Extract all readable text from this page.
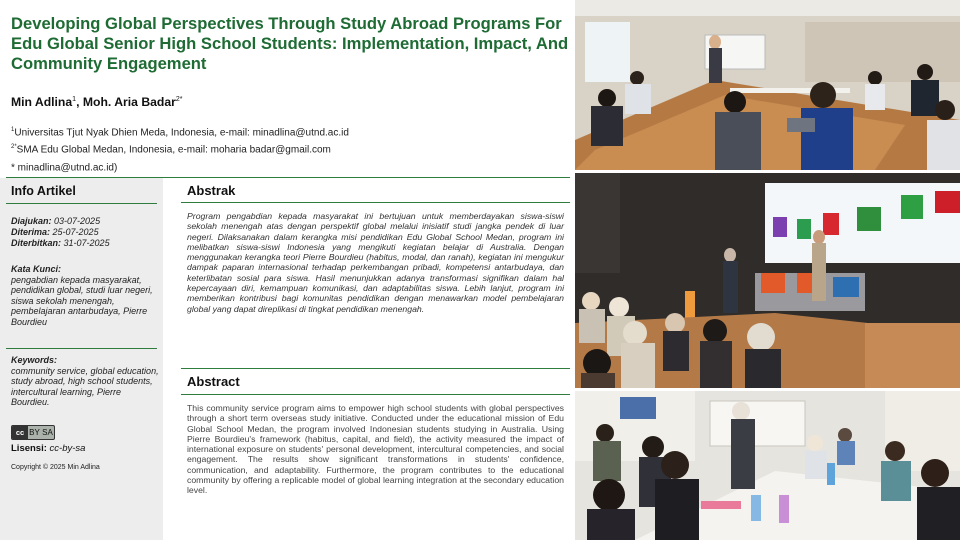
Developing Global Perspectives Through Study Abroad Programs For Edu Global Senior High School Students: Implementation, Impact, And Community Engagement
Min Adlina$^1$, Moh. Aria Badar$^{2*}$
$^1$Universitas Tjut Nyak Dhien Meda, Indonesia, e-mail: minadlina@utnd.ac.id
$^{2*}$SMA Edu Global Medan, Indonesia, e-mail: moharia badar@gmail.com
* minadlina@utnd.ac.id)
Info Artikel
Diajukan: 03-07-2025
Diterima: 25-07-2025
Diterbitkan: 31-07-2025
Kata Kunci:
pengabdian kepada masyarakat, pendidikan global, studi luar negeri, siswa sekolah menengah, pembelajaran antarbudaya, Pierre Bourdieu
Keywords:
community service, global education, study abroad, high school students, intercultural learning, Pierre Bourdieu.
cc BY SA
Lisensi: cc-by-sa
Copyright © 2025 Min Adlina
Abstrak

Program pengabdian kepada masyarakat ini bertujuan untuk memberdayakan siswa-siswi sekolah menengah atas dengan perspektif global melalui inisiatif studi jangka pendek di luar negeri. Dilaksanakan dalam kerangka misi pendidikan Edu Global School Medan, program ini melibatkan siswa-siswi Indonesia yang mengikuti kegiatan belajar di Australia. Dengan menggunakan kerangka teori Pierre Bourdieu (habitus, modal, dan ranah), kegiatan ini mengukur dampak paparan internasional terhadap perkembangan pribadi, kompetensi antarbudaya, dan keterlibatan sosial para siswa. Hasil menunjukkan adanya transformasi signifikan dalam hal kepercayaan diri, kemampuan komunikasi, dan adaptabilitas siswa. Lebih lanjut, program ini memberikan kontribusi bagi komunitas pendidikan dengan menawarkan model pembelajaran global yang dapat direplikasi di tingkat pendidikan menengah.

Abstract

This community service program aims to empower high school students with global perspectives through a short term overseas study initiative. Conducted under the educational mission of Edu Global School Medan, the program involved Indonesian students studying in Australia. Using Pierre Bourdieu's framework (habitus, capital, and field), the activity measured the impact of international exposure on students' personal development, intercultural competencies, and social engagement. The results show significant transformations in students' confidence, communication, and adaptability. Furthermore, the program contributes to the educational community by offering a replicable model of global learning integration at the secondary education level.
